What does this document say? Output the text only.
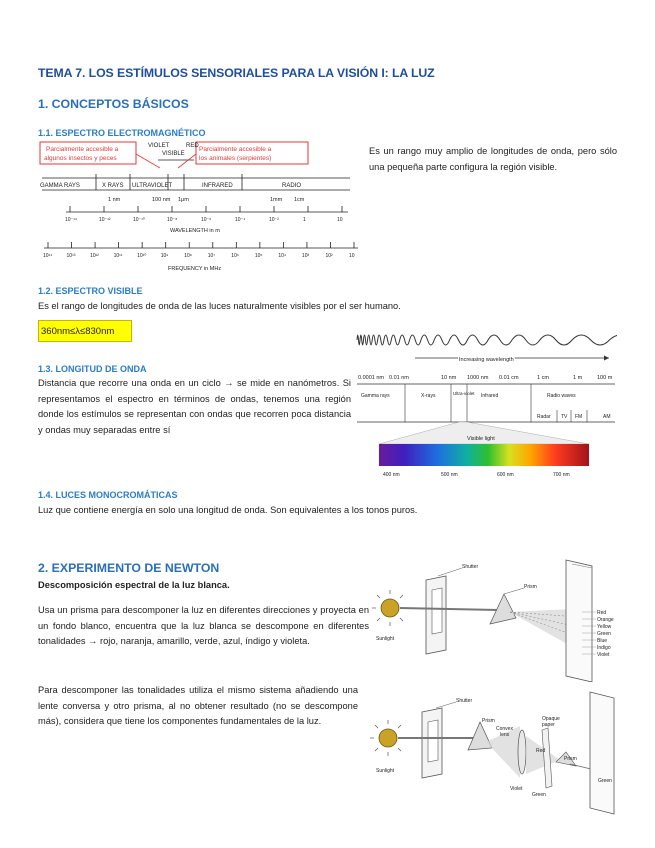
TEMA 7. LOS ESTÍMULOS SENSORIALES PARA LA VISIÓN I: LA LUZ
1. CONCEPTOS BÁSICOS
1.1. ESPECTRO ELECTROMAGNÉTICO
Parcialmente accesible a
algunos insectos y peces
Parcialmente accesible a
los animales (serpientes)
VIOLET	RED
VISIBLE
GAMMA RAYS	X RAYS ULTRAVIOLET	INFRARED	RADIO
1 nm	100 nm 1μm	1mm 1cm
10⁻¹⁴	10⁻¹²	10⁻¹⁰	10⁻⁸	10⁻⁶	10⁻⁴	10⁻²	1	10
WAVELENGTH in m
10¹⁴	10¹³	10¹²	10¹¹	10¹⁰	10⁹	10⁸	10⁷	10⁶	10⁵	10⁴	10³	10²	10
FREQUENCY in MHz

Es un rango muy amplio de longitudes de onda, pero sólo una pequeña parte configura la región visible.

1.2. ESPECTRO VISIBLE

Es el rango de longitudes de onda de las luces naturalmente visibles por el ser humano.

360nm≤λ≤830nm
Increasing wavelength
0.0001 nm 0.01 nm	10 nm 1000 nm 0.01 cm	1 cm	1 m	100 m
Gamma rays	X-rays	Ultra-violet Infrared	Radio waves
Radar TV FM	AM
Visible light
400 nm	500 nm	600 nm	700 nm
1.3. LONGITUD DE ONDA

Distancia que recorre una onda en un ciclo → se mide en nanómetros. Si representamos el espectro en términos de ondas, tenemos una región donde los estímulos se representan con ondas que recorren poca distancia y ondas muy separadas entre sí

1.4. LUCES MONOCROMÁTICAS

Luz que contiene energía en solo una longitud de onda. Son equivalentes a los tonos puros.

2. EXPERIMENTO DE NEWTON

Descomposición espectral de la luz blanca.

Usa un prisma para descomponer la luz en diferentes direcciones y proyecta en un fondo blanco, encuentra que la luz blanca se descompone en diferentes tonalidades → rojo, naranja, amarillo, verde, azul, índigo y violeta.

Para descomponer las tonalidades utiliza el mismo sistema añadiendo una lente conversa y otro prisma, al no obtener resultado (no se descompone más), considera que tiene los componentes fundamentales de la luz.

Sunlight
Shutter
Prism
Red
Orange
Yellow
Green
Blue
Indigo
Violet
Sunlight
Shutter
Prism
Convex
lens
Opaque
paper
Red
Violet
Green
Prism
Green
